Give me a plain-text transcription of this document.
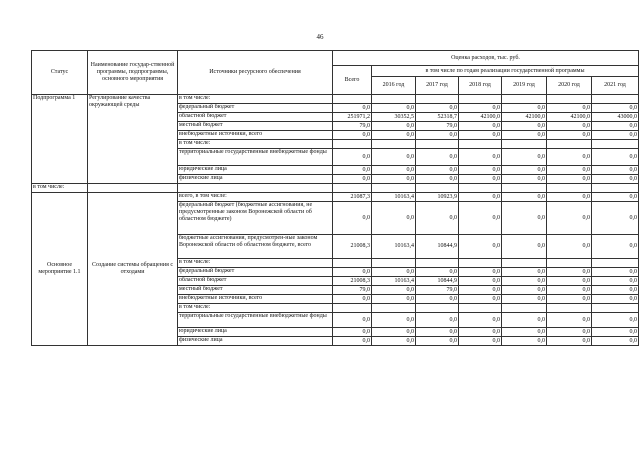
46
Статус	Наименование государ-ственной программы, подпрограммы, основного мероприятия	Источники ресурсного обеспечения	Оценка расходов, тыс. руб.						
			Всего	в том числе по годам реализации государственной программы					
				2016 год	2017 год	2018 год	2019 год	2020 год	2021 год
Подпрограмма 1	Регулирование качества окружающей среды	в том числе:							
		федеральный бюджет	0,0	0,0	0,0	0,0	0,0	0,0	0,0
		областной бюджет	251971,2	30352,5	52318,7	42100,0	42100,0	42100,0	43000,0
		местный бюджет	79,0	0,0	79,0	0,0	0,0	0,0	0,0
		внебюджетные источники, всего	0,0	0,0	0,0	0,0	0,0	0,0	0,0
		в том числе:							
		территориальные государственные внебюджетные фонды	0,0	0,0	0,0	0,0	0,0	0,0	0,0
		юридические лица	0,0	0,0	0,0	0,0	0,0	0,0	0,0
		физические лица	0,0	0,0	0,0	0,0	0,0	0,0	0,0
в том числе:									
Основное мероприятие 1.1	Создание системы обращения с отходами	всего, в том числе:	21087,3	10163,4	10923,9	0,0	0,0	0,0	0,0
		федеральный бюджет (бюджетные ассигнования, не предусмотренные законом Воронежской области об областном бюджете)	0,0	0,0	0,0	0,0	0,0	0,0	0,0
		бюджетные ассигнования, предусмотрен-ные законом Воронежской области об областном бюджете, всего	21008,3	10163,4	10844,9	0,0	0,0	0,0	0,0
		в том числе:							
		федеральный бюджет	0,0	0,0	0,0	0,0	0,0	0,0	0,0
		областной бюджет	21008,3	10163,4	10844,9	0,0	0,0	0,0	0,0
		местный бюджет	79,0	0,0	79,0	0,0	0,0	0,0	0,0
		внебюджетные источники, всего	0,0	0,0	0,0	0,0	0,0	0,0	0,0
		в том числе:							
		территориальные государственные внебюджетные фонды	0,0	0,0	0,0	0,0	0,0	0,0	0,0
		юридические лица	0,0	0,0	0,0	0,0	0,0	0,0	0,0
		физические лица	0,0	0,0	0,0	0,0	0,0	0,0	0,0
